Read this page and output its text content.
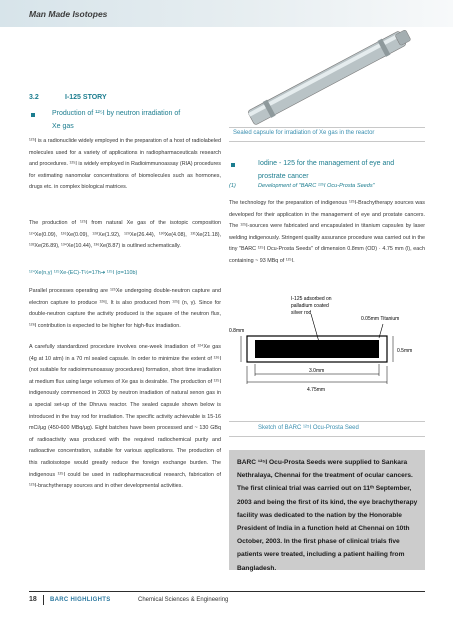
Man Made Isotopes
3.2	I-125 STORY
Production of ¹²⁵I by neutron irradiation of
Xe gas
¹²⁵I is a radionuclide widely employed in the preparation of a host of radiolabeled molecules used for a variety of applications in radiopharmaceuticals research and procedures. ¹²⁵I is widely employed in Radioimmunoassay (RIA) procedures for estimating nanomolar concentrations of biomolecules such as hormones, drugs etc. in complex biological matrices.
The production of ¹²⁵I from natural Xe gas of the isotopic composition ¹²⁴Xe(0.09), ¹²⁶Xe(0.09), ¹²⁸Xe(1.92), ¹²⁹Xe(26.44), ¹³⁰Xe(4.08), ¹³¹Xe(21.18), ¹³²Xe(26.89), ¹³⁴Xe(10.44), ¹³⁶Xe(8.87) is outlined schematically.
¹²⁴Xe(n,γ) ¹²⁵Xe-(EC)-T½=17h➜ ¹²⁵I (σ=110b)
Parallel processes operating are ¹²⁵Xe undergoing double-neutron capture and electron capture to produce ¹²⁶I. It is also produced from ¹²⁵I (n, γ). Since for double-neutron capture the activity produced is the square of the neutron flux, ¹²⁶I contribution is expected to be higher for high-flux irradiation.
A carefully standardized procedure involves one-week irradiation of ¹²⁴Xe gas (4g at 10 atm) in a 70 ml sealed capsule. In order to minimize the extent of ¹²⁶I (not suitable for radioimmunoassay procedures) formation, short time irradiation at medium flux using large volumes of Xe gas is desirable. The production of ¹²⁵I indigenously commenced in 2003 by neutron irradiation of natural xenon gas in a special set-up of the Dhruva reactor. The sealed capsule shown below is introduced in the tray rod for irradiation. The specific activity achievable is 15-16 mCi/μg (450-600 MBq/μg). Eight batches have been processed and ~ 130 GBq of radioactivity was produced with the required radiochemical purity and radioactive concentration, suitable for various applications. The production of this radioisotope would greatly reduce the foreign exchange burden. The indigenous ¹²⁵I could be used in radiopharmaceutical research, fabrication of ¹²⁵I-brachytherapy sources and in other developmental activities.
Sealed capsule for irradiation of Xe gas in the reactor
Iodine - 125 for the management of eye and
prostrate cancer
(1)	Development of "BARC ¹²⁵I Ocu-Prosta Seeds"
The technology for the preparation of indigenous ¹²⁵I-Brachytherapy sources was developed for their application in the management of eye and prostate cancers. The ¹²⁵I-sources were fabricated and encapsulated in titanium capsules by laser welding indigenously. Stringent quality assurance procedure was carried out in the tiny "BARC ¹²⁵I Ocu-Prosta Seeds" of dimension 0.8mm (OD) · 4.75 mm (l), each containing ~ 93 MBq of ¹²⁵I.
I-125 adsorbed on
palladium coated
silver rod
0.05mm Titanium
0.8mm
3.0mm
4.75mm
0.5mm
Sketch of BARC ¹²⁵I Ocu-Prosta Seed
BARC ¹²⁵I Ocu-Prosta Seeds were supplied to Sankara Nethralaya, Chennai for the treatment of ocular cancers. The first clinical trial was carried out on 11ᵗʰ September, 2003 and being the first of its kind, the eye brachytherapy facility was dedicated to the nation by the Honorable President of India in a function held at Chennai on 10th October, 2003. In the first phase of clinical trials five patients were treated, including a patient hailing from Bangladesh.
18 BARC HIGHLIGHTS	Chemical Sciences & Engineering
